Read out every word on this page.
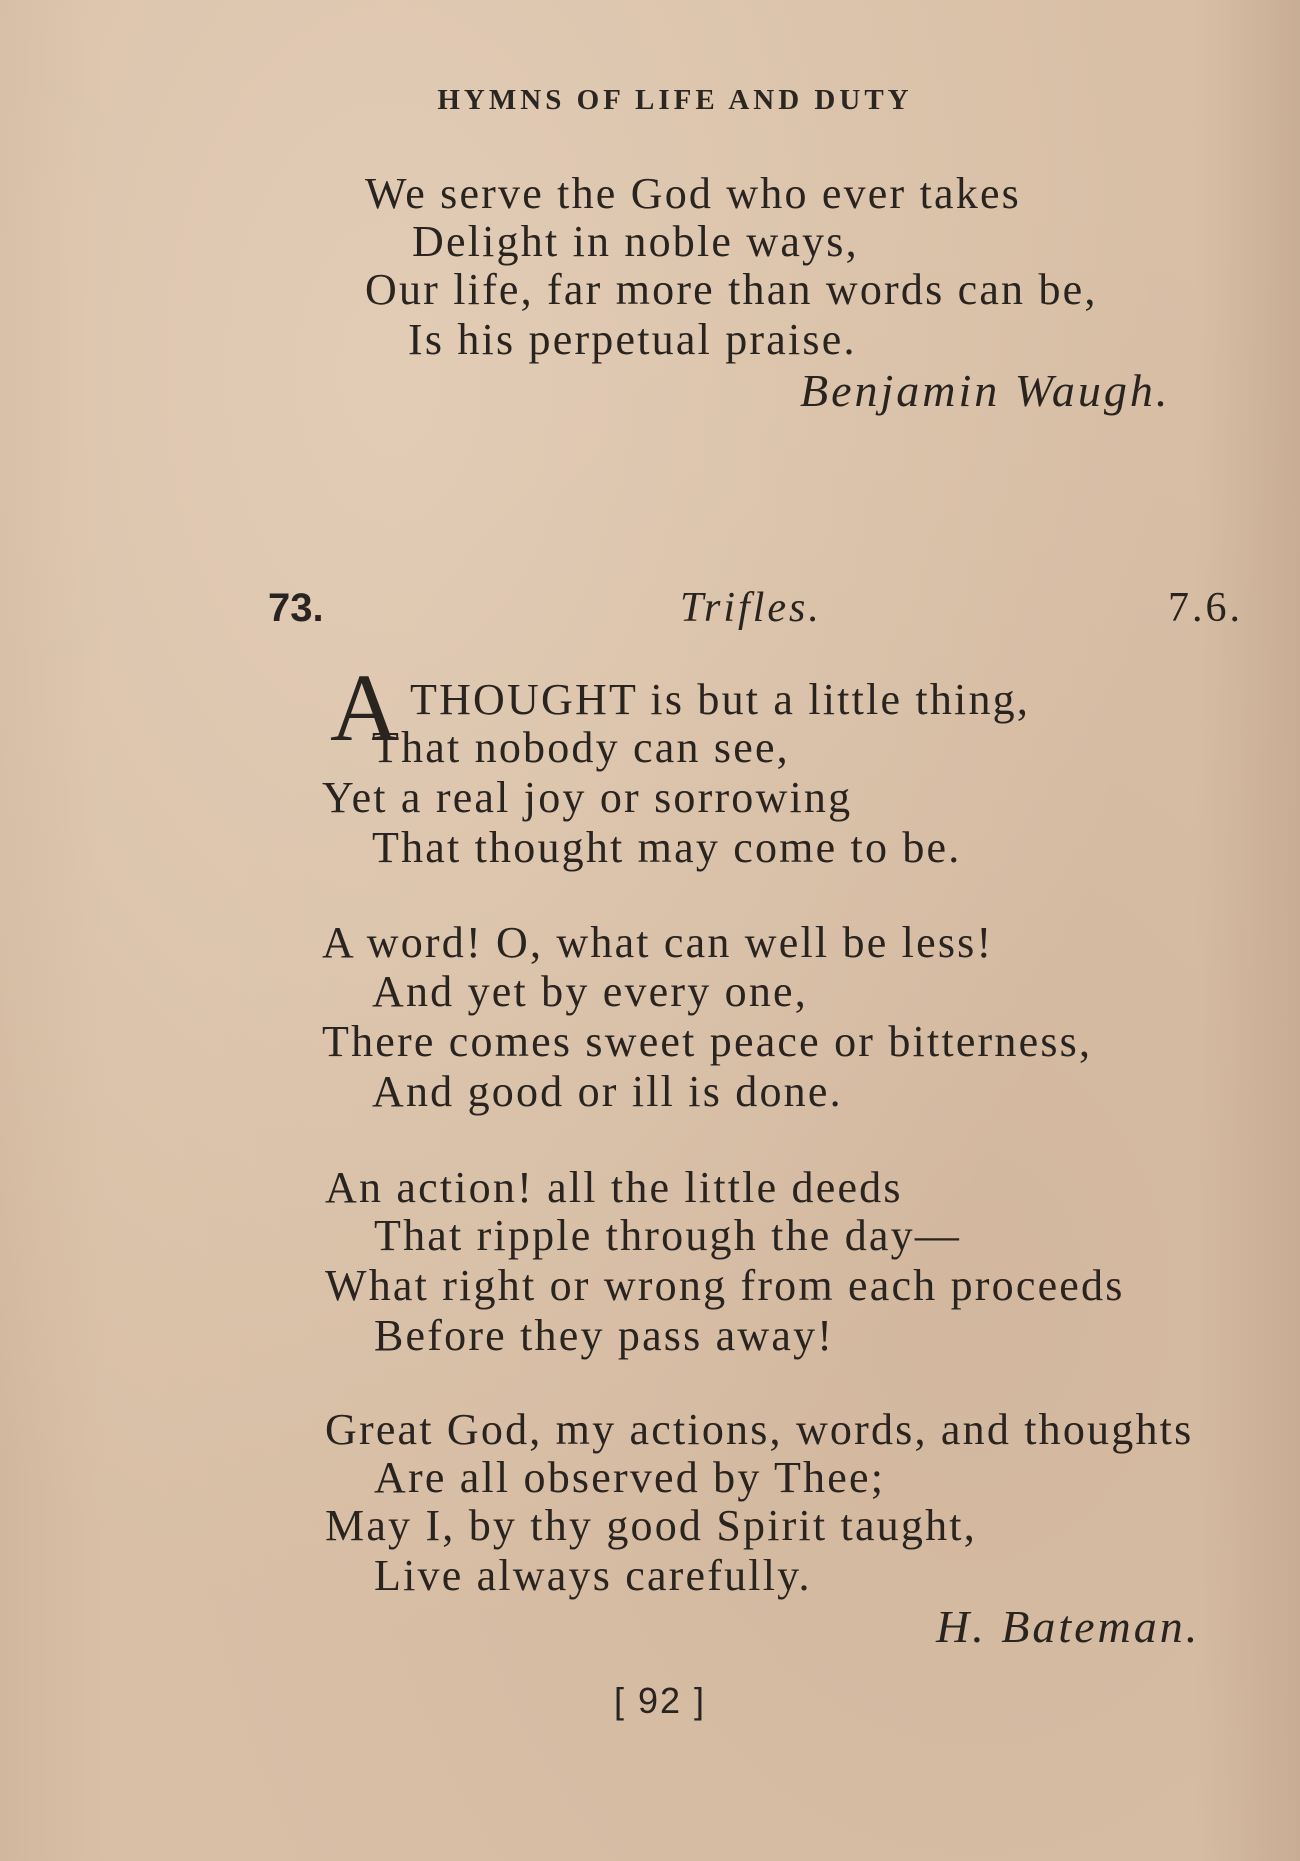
HYMNS OF LIFE AND DUTY
We serve the God who ever takes
Delight in noble ways,
Our life, far more than words can be,
Is his perpetual praise.
Benjamin Waugh.
73.	Trifles.	7.6.
A THOUGHT is but a little thing,
That nobody can see,
Yet a real joy or sorrowing
That thought may come to be.
A word! O, what can well be less!
And yet by every one,
There comes sweet peace or bitterness,
And good or ill is done.
An action! all the little deeds
That ripple through the day—
What right or wrong from each proceeds
Before they pass away!
Great God, my actions, words, and thoughts
Are all observed by Thee;
May I, by thy good Spirit taught,
Live always carefully.
H. Bateman.
[ 92 ]
